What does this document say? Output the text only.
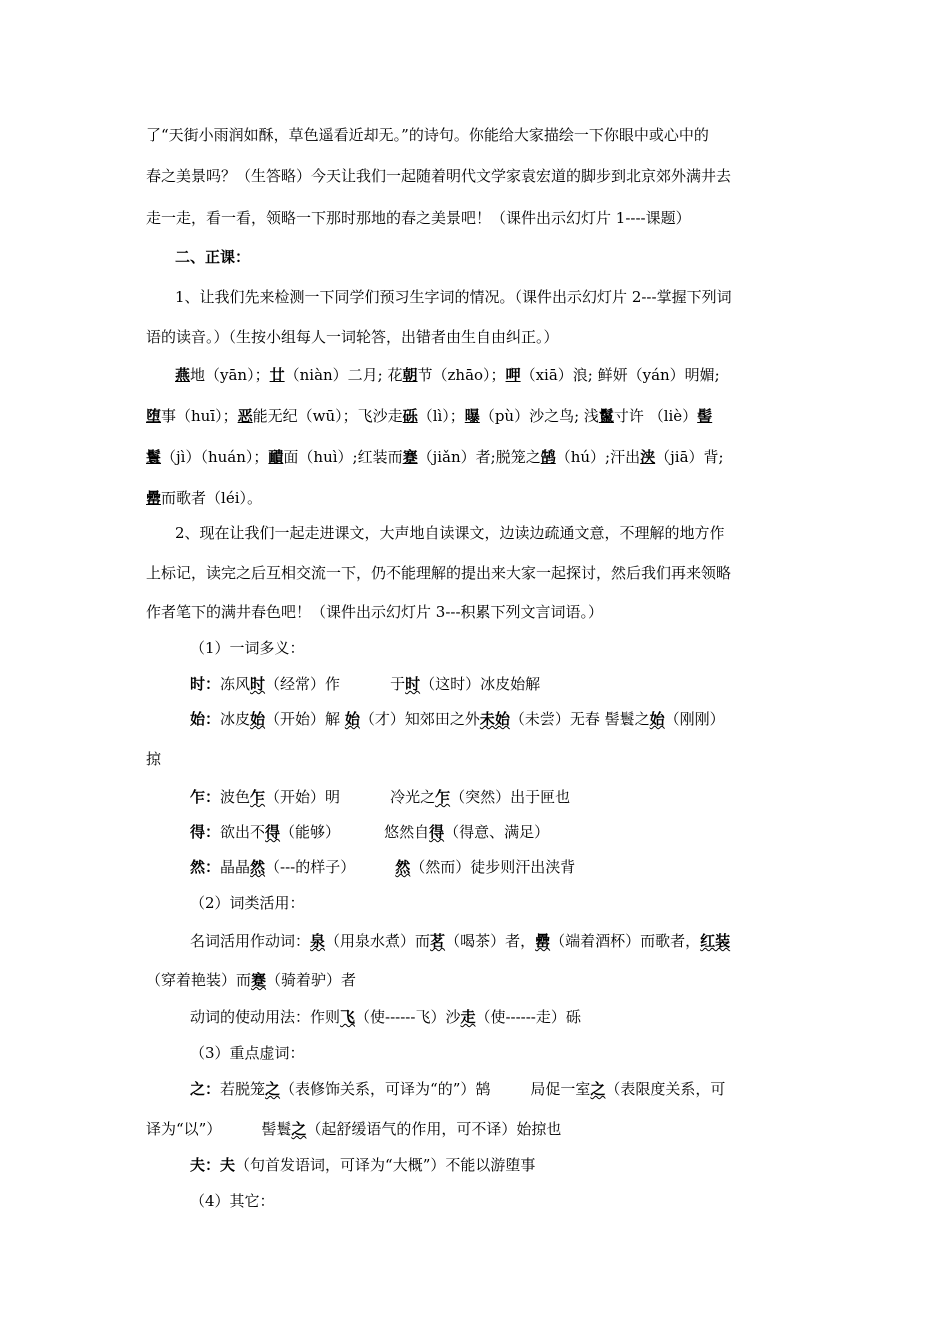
了“天街小雨润如酥，草色遥看近却无。”的诗句。你能给大家描绘一下你眼中或心中的
春之美景吗？（生答略）今天让我们一起随着明代文学家袁宏道的脚步到北京郊外满井去
走一走，看一看，领略一下那时那地的春之美景吧！（课件出示幻灯片 1----课题）
二、正课：
1、让我们先来检测一下同学们预习生字词的情况。（课件出示幻灯片 2---掌握下列词
语的读音。）（生按小组每人一词轮答，出错者由生自由纠正。）
燕地（yān）；廿（niàn）二月; 花朝节（zhāo）；呷（xiā）浪; 鲜妍（yán）明媚;
堕事（huī）；恶能无纪（wū）；飞沙走砾（lì）；曝（pù）沙之鸟; 浅鬣寸许 （liè）髻
鬟（jì）（huán）；靧面（huì）;红装而蹇（jiǎn）者;脱笼之鹄（hú）;汗出浃（jiā）背;
罍而歌者（léi）。
2、现在让我们一起走进课文，大声地自读课文，边读边疏通文意，不理解的地方作
上标记，读完之后互相交流一下，仍不能理解的提出来大家一起探讨，然后我们再来领略
作者笔下的满井春色吧！（课件出示幻灯片 3---积累下列文言词语。）
（1）一词多义：
时：冻风时（经常）作	于时（这时）冰皮始解
始：冰皮始（开始）解 始（才）知郊田之外未始（未尝）无春 髻鬟之始（刚刚）
掠
乍：波色乍（开始）明	冷光之乍（突然）出于匣也
得：欲出不得（能够）	悠然自得（得意、满足）
然：晶晶然（---的样子）	然（然而）徒步则汗出浃背
（2）词类活用：
名词活用作动词：泉（用泉水煮）而茗（喝茶）者，罍（端着酒杯）而歌者，红装
（穿着艳装）而蹇（骑着驴）者
动词的使动用法：作则飞（使------飞）沙走（使------走）砾
（3）重点虚词：
之：若脱笼之（表修饰关系，可译为“的”）鹄	局促一室之（表限度关系，可
译为“以”）	髻鬟之（起舒缓语气的作用，可不译）始掠也
夫：夫（句首发语词，可译为“大概”）不能以游堕事
（4）其它：
